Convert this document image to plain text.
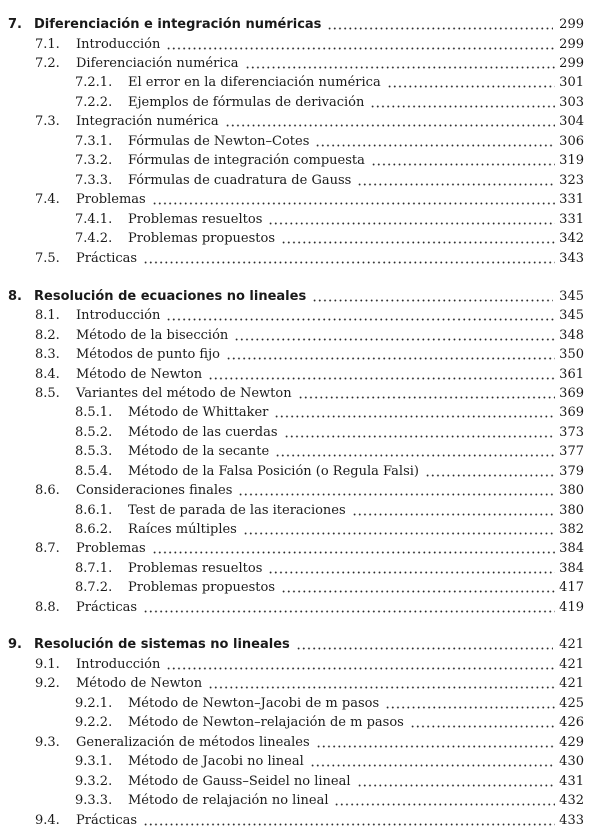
7. Diferenciación e integración numéricas	299
7.1. Introducción	299
7.2. Diferenciación numérica	299
7.2.1. El error en la diferenciación numérica	301
7.2.2. Ejemplos de fórmulas de derivación	303
7.3. Integración numérica	304
7.3.1. Fórmulas de Newton–Cotes	306
7.3.2. Fórmulas de integración compuesta	319
7.3.3. Fórmulas de cuadratura de Gauss	323
7.4. Problemas	331
7.4.1. Problemas resueltos	331
7.4.2. Problemas propuestos	342
7.5. Prácticas	343
8. Resolución de ecuaciones no lineales	345
8.1. Introducción	345
8.2. Método de la bisección	348
8.3. Métodos de punto fijo	350
8.4. Método de Newton	361
8.5. Variantes del método de Newton	369
8.5.1. Método de Whittaker	369
8.5.2. Método de las cuerdas	373
8.5.3. Método de la secante	377
8.5.4. Método de la Falsa Posición (o Regula Falsi)	379
8.6. Consideraciones finales	380
8.6.1. Test de parada de las iteraciones	380
8.6.2. Raíces múltiples	382
8.7. Problemas	384
8.7.1. Problemas resueltos	384
8.7.2. Problemas propuestos	417
8.8. Prácticas	419
9. Resolución de sistemas no lineales	421
9.1. Introducción	421
9.2. Método de Newton	421
9.2.1. Método de Newton–Jacobi de m pasos	425
9.2.2. Método de Newton–relajación de m pasos	426
9.3. Generalización de métodos lineales	429
9.3.1. Método de Jacobi no lineal	430
9.3.2. Método de Gauss–Seidel no lineal	431
9.3.3. Método de relajación no lineal	432
9.4. Prácticas	433
